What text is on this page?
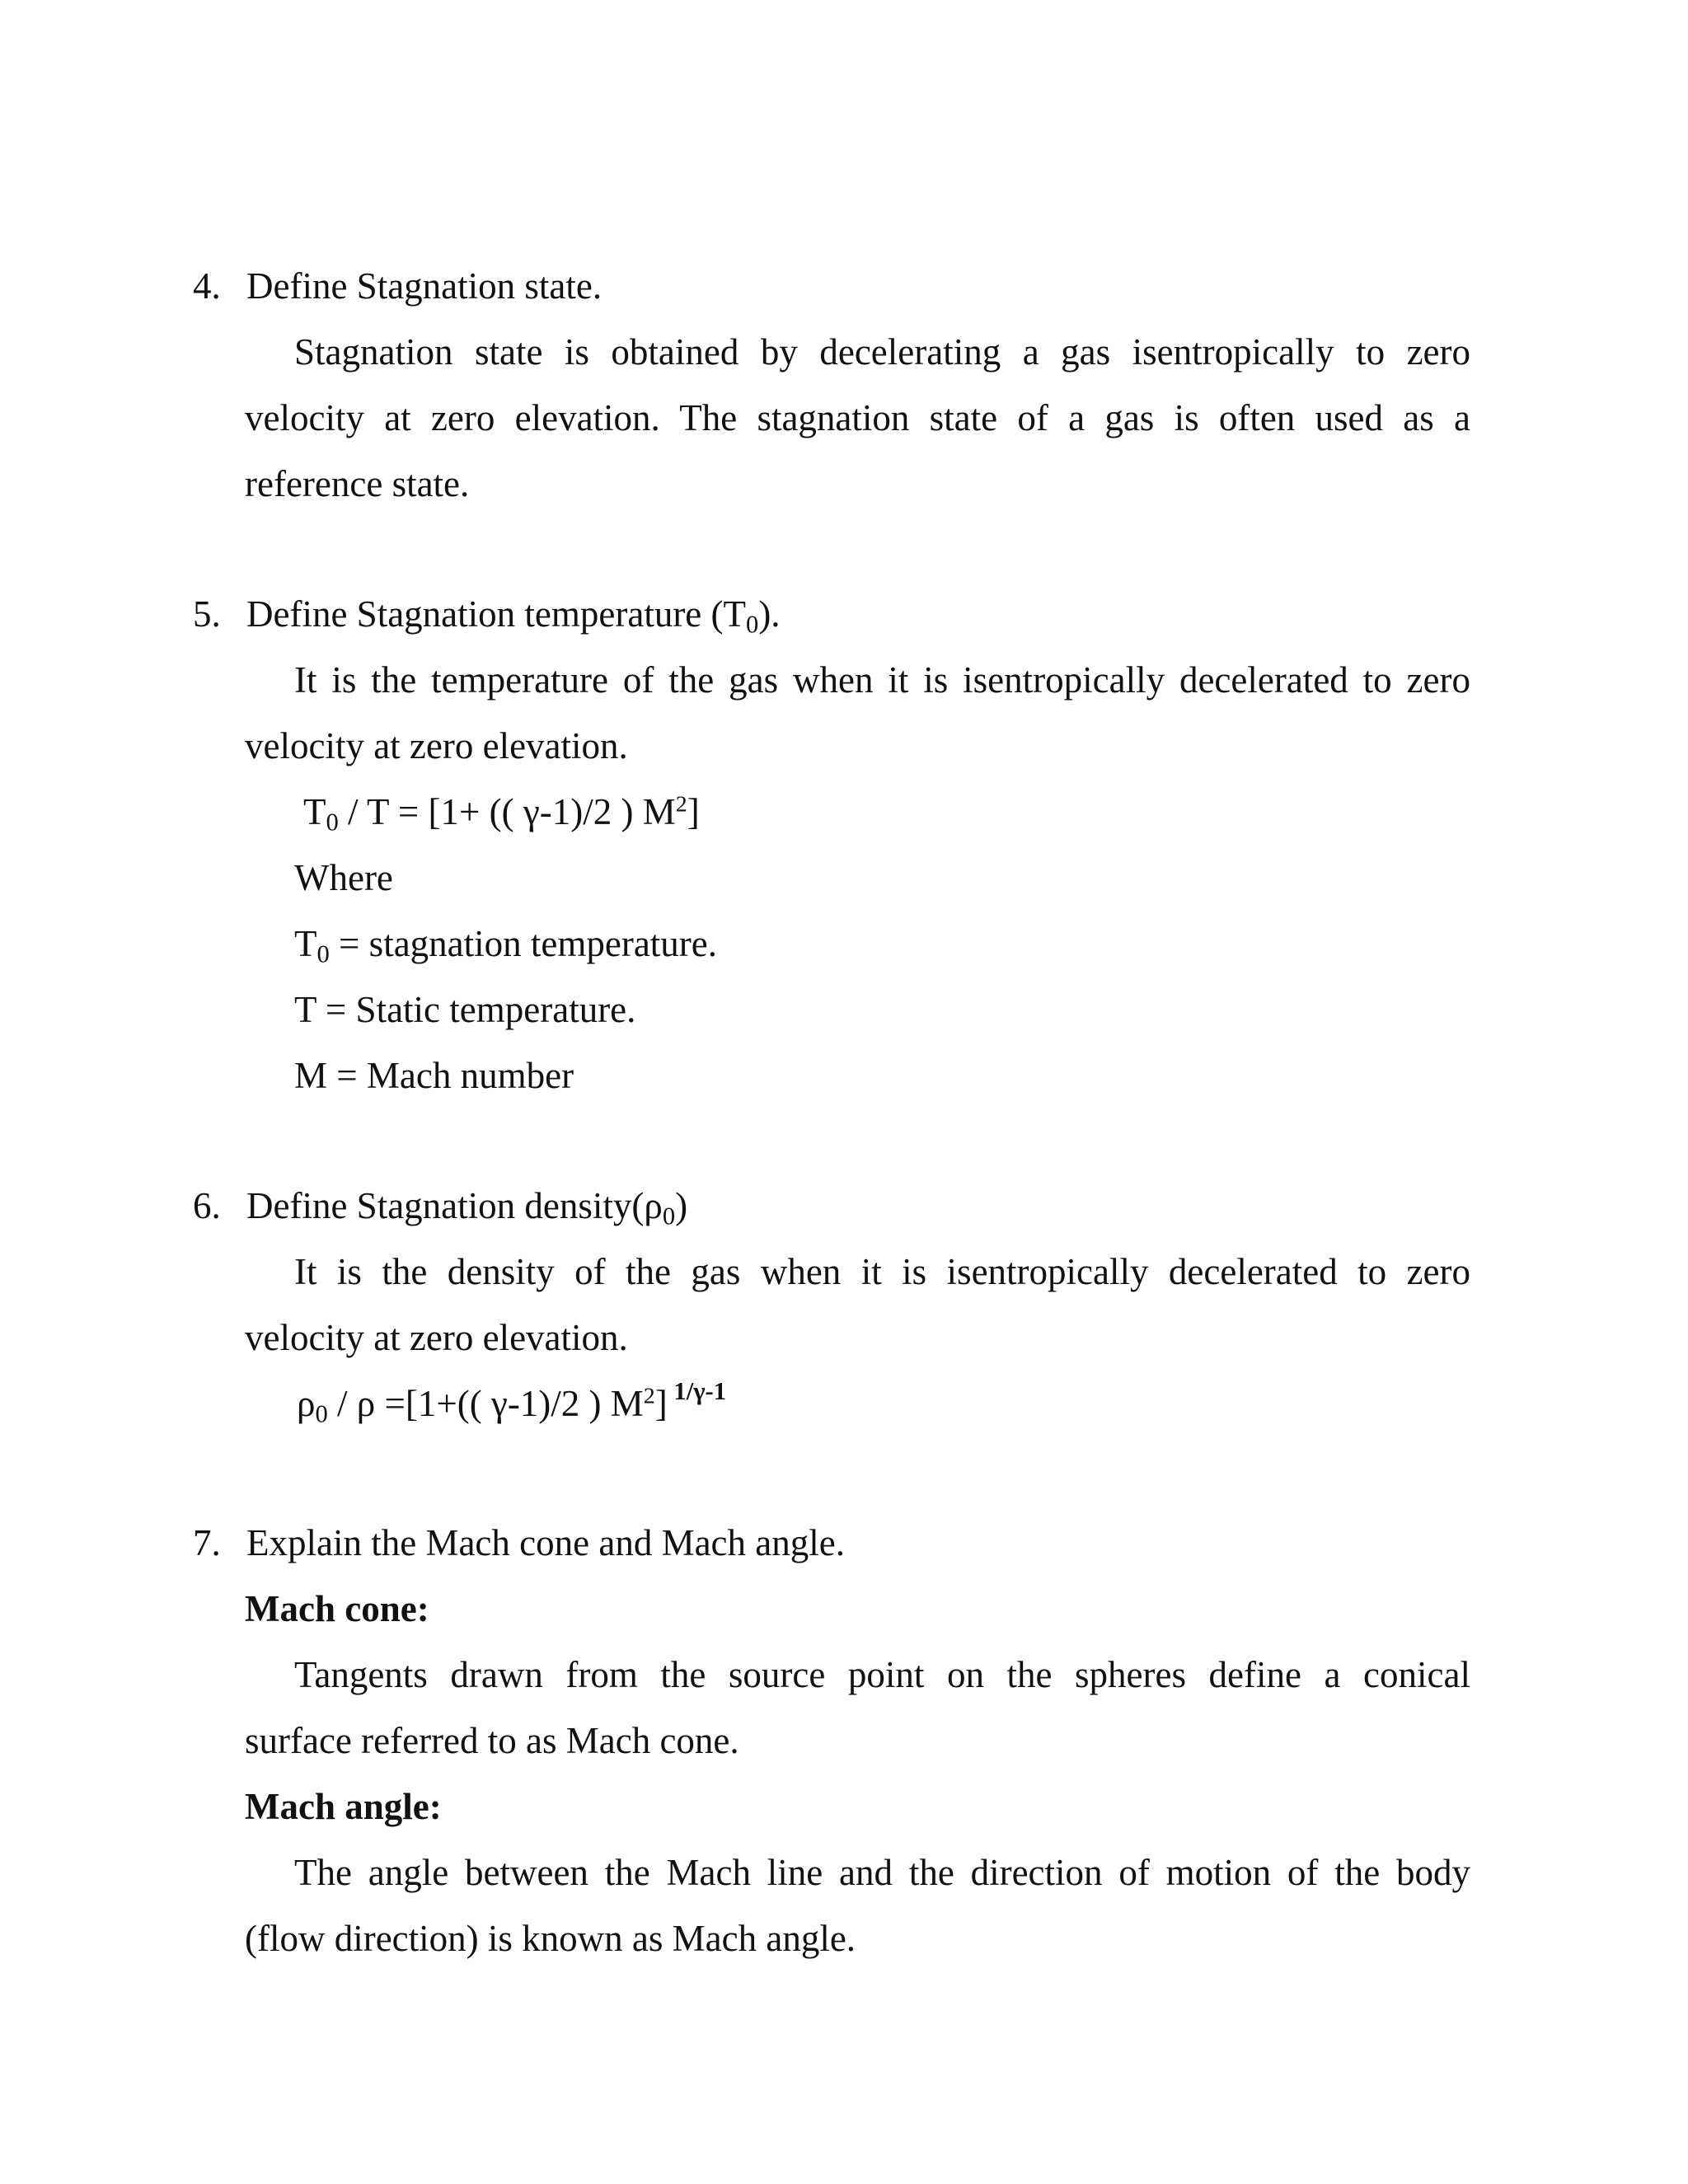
4. Define Stagnation state.
Stagnation state is obtained by decelerating a gas isentropically to zero
velocity at zero elevation. The stagnation state of a gas is often used as a
reference state.
5. Define Stagnation temperature $(T_0)$.
It is the temperature of the gas when it is isentropically decelerated to zero
velocity at zero elevation.
$T_0 / T = [1+$ (( γ-1)/2 ) $M^2$]
Where
$T_0$ = stagnation temperature.
T = Static temperature.
M = Mach number
6. Define Stagnation $density(\rho_0)$
It is the density of the gas when it is isentropically decelerated to zero
velocity at zero elevation.
$\rho_0 / \rho =[1+$(( γ-1)/2 ) $M^2$] $^{1/\gamma-1}$
7. Explain the Mach cone and Mach angle.
Mach cone:
Tangents drawn from the source point on the spheres define a conical
surface referred to as Mach cone.
Mach angle:
The angle between the Mach line and the direction of motion of the body
(flow direction) is known as Mach angle.
